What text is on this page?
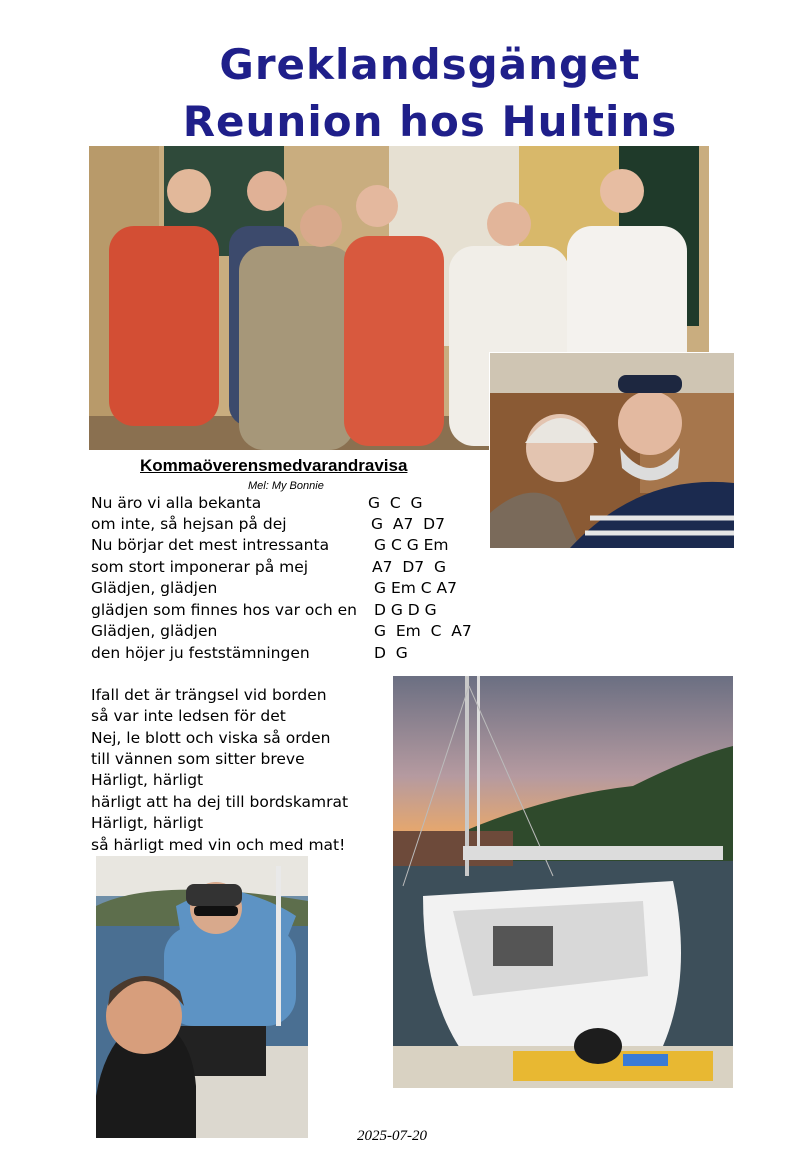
Greklandsgänget
Reunion hos Hultins
Kommaöverensmedvarandravisa
Mel: My Bonnie
Nu äro vi alla bekanta	G  C  G
om inte, så hejsan på dej	G  A7  D7
Nu börjar det mest intressanta	G C G Em
som stort imponerar på mej	A7  D7  G
Glädjen, glädjen	G Em C A7
glädjen som finnes hos var och en D G D G
Glädjen, glädjen	G  Em  C  A7
den höjer ju feststämningen	D  G
Ifall det är trängsel vid borden
så var inte ledsen för det
Nej, le blott och viska så orden
till vännen som sitter breve
Härligt, härligt
härligt att ha dej till bordskamrat
Härligt, härligt
så härligt med vin och med mat!
2025-07-20
